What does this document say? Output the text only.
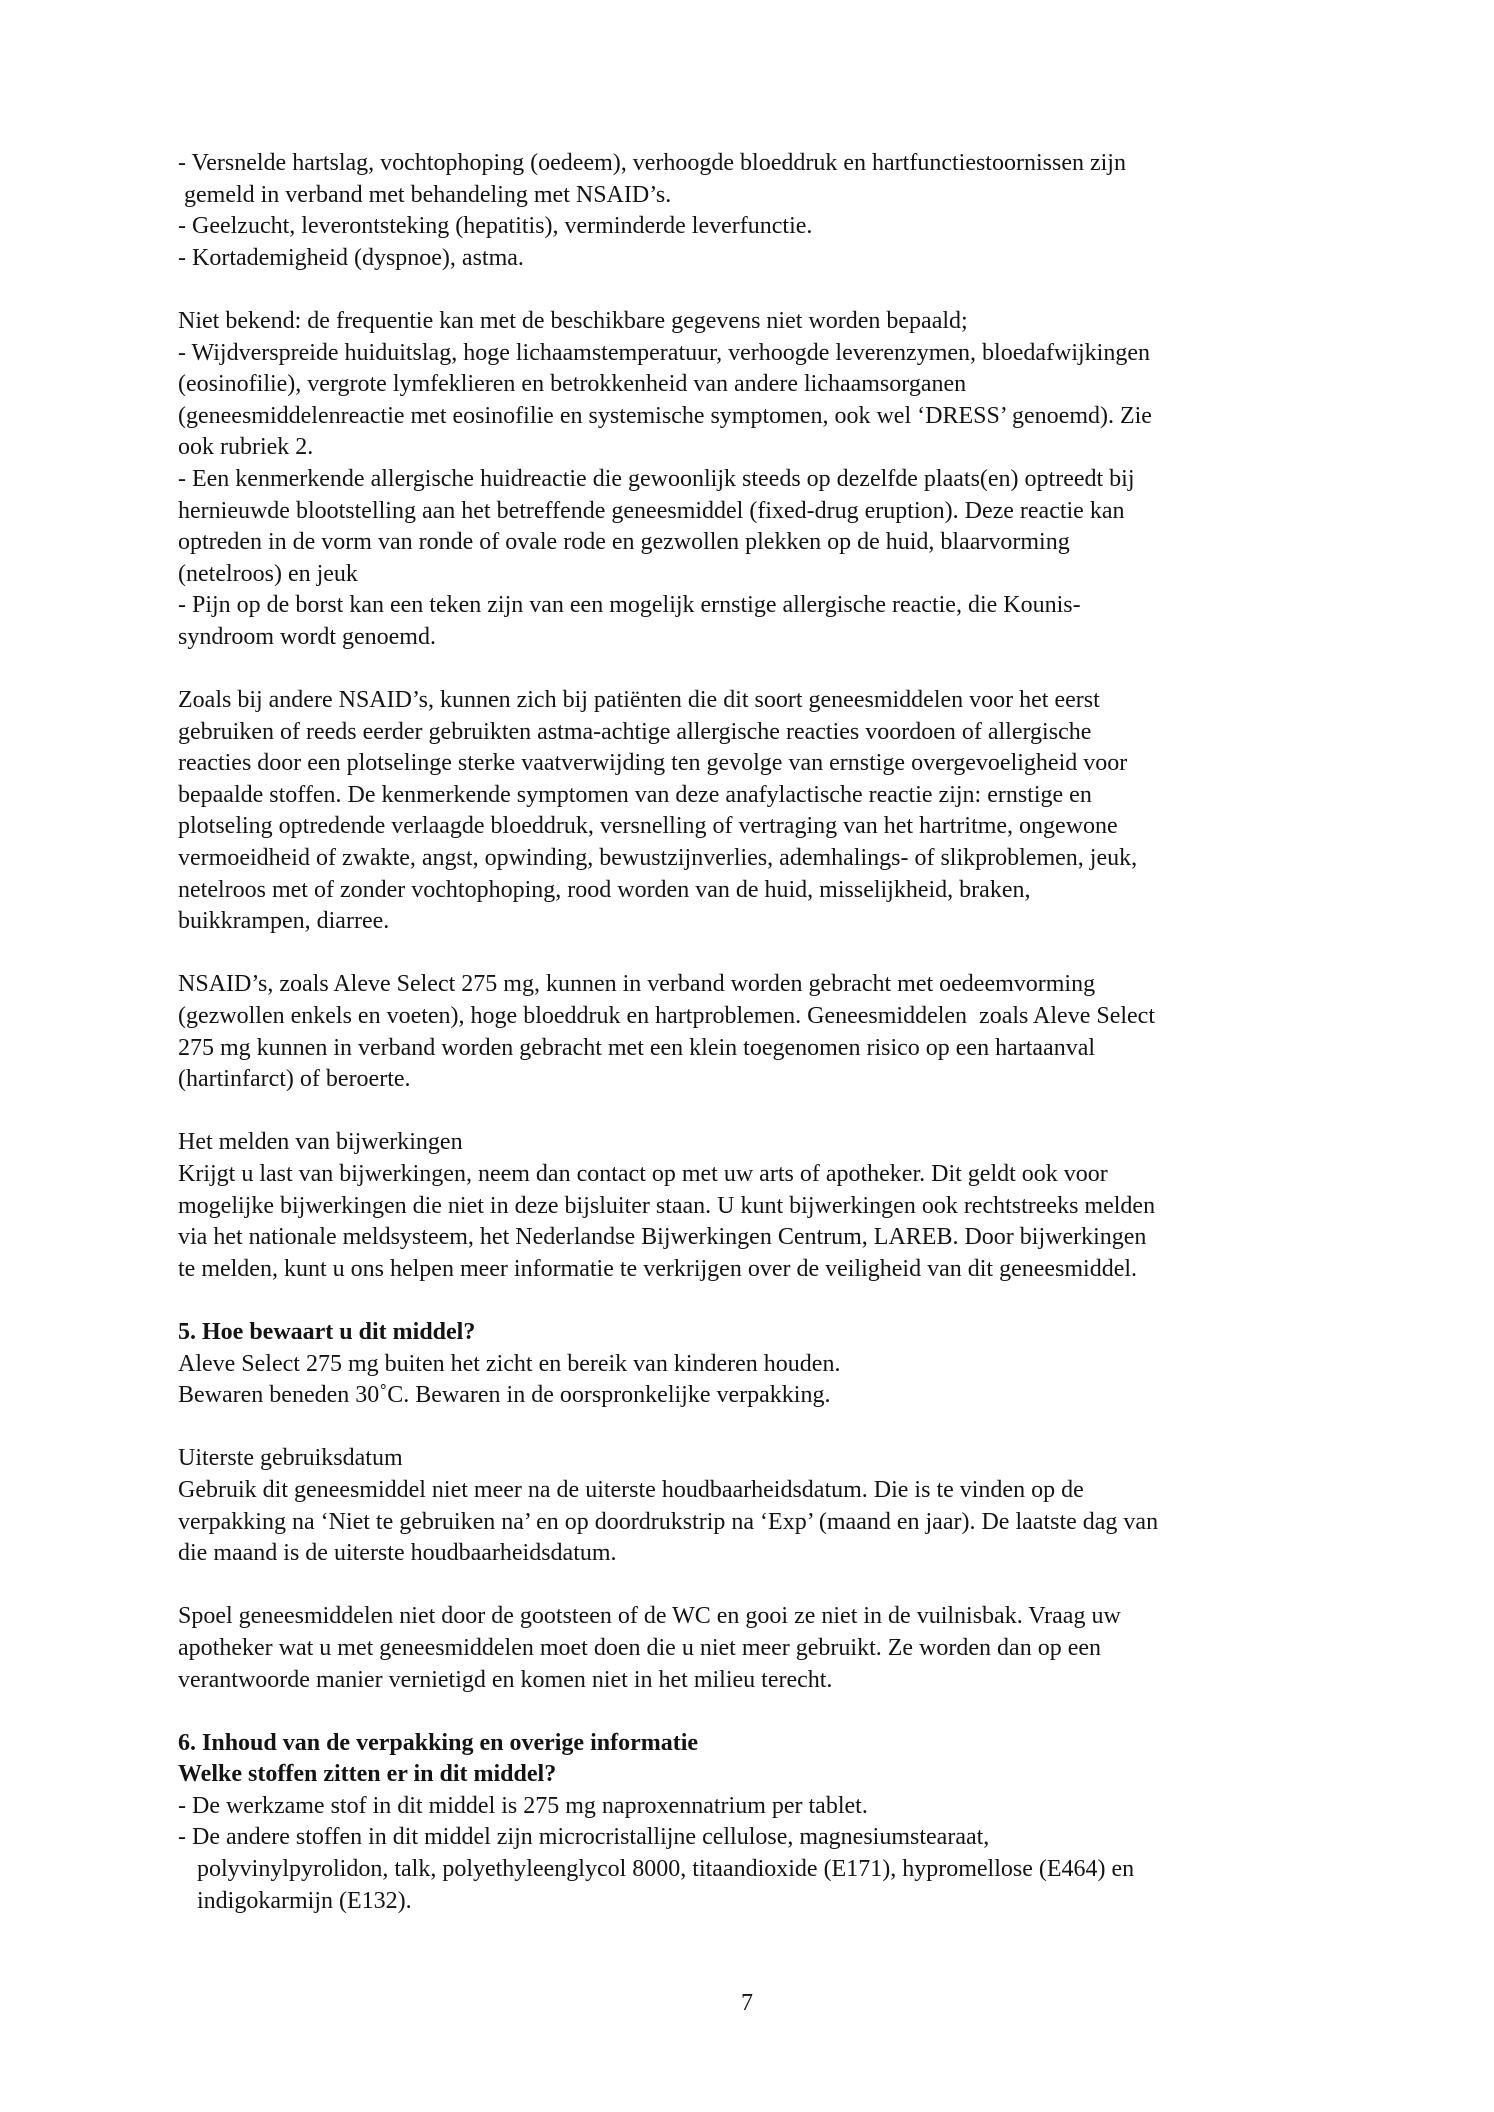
- Versnelde hartslag, vochtophoping (oedeem), verhoogde bloeddruk en hartfunctiestoornissen zijn
gemeld in verband met behandeling met NSAID’s.
- Geelzucht, leverontsteking (hepatitis), verminderde leverfunctie.
- Kortademigheid (dyspnoe), astma.

Niet bekend: de frequentie kan met de beschikbare gegevens niet worden bepaald;
- Wijdverspreide huiduitslag, hoge lichaamstemperatuur, verhoogde leverenzymen, bloedafwijkingen
(eosinofilie), vergrote lymfeklieren en betrokkenheid van andere lichaamsorganen
(geneesmiddelenreactie met eosinofilie en systemische symptomen, ook wel ‘DRESS’ genoemd). Zie
ook rubriek 2.
- Een kenmerkende allergische huidreactie die gewoonlijk steeds op dezelfde plaats(en) optreedt bij
hernieuwde blootstelling aan het betreffende geneesmiddel (fixed-drug eruption). Deze reactie kan
optreden in de vorm van ronde of ovale rode en gezwollen plekken op de huid, blaarvorming
(netelroos) en jeuk
- Pijn op de borst kan een teken zijn van een mogelijk ernstige allergische reactie, die Kounis-
syndroom wordt genoemd.

Zoals bij andere NSAID’s, kunnen zich bij patiënten die dit soort geneesmiddelen voor het eerst
gebruiken of reeds eerder gebruikten astma-achtige allergische reacties voordoen of allergische
reacties door een plotselinge sterke vaatverwijding ten gevolge van ernstige overgevoeligheid voor
bepaalde stoffen. De kenmerkende symptomen van deze anafylactische reactie zijn: ernstige en
plotseling optredende verlaagde bloeddruk, versnelling of vertraging van het hartritme, ongewone
vermoeidheid of zwakte, angst, opwinding, bewustzijnverlies, ademhalings- of slikproblemen, jeuk,
netelroos met of zonder vochtophoping, rood worden van de huid, misselijkheid, braken,
buikkrampen, diarree.

NSAID’s, zoals Aleve Select 275 mg, kunnen in verband worden gebracht met oedeemvorming
(gezwollen enkels en voeten), hoge bloeddruk en hartproblemen. Geneesmiddelen  zoals Aleve Select
275 mg kunnen in verband worden gebracht met een klein toegenomen risico op een hartaanval
(hartinfarct) of beroerte.

Het melden van bijwerkingen
Krijgt u last van bijwerkingen, neem dan contact op met uw arts of apotheker. Dit geldt ook voor
mogelijke bijwerkingen die niet in deze bijsluiter staan. U kunt bijwerkingen ook rechtstreeks melden
via het nationale meldsysteem, het Nederlandse Bijwerkingen Centrum, LAREB. Door bijwerkingen
te melden, kunt u ons helpen meer informatie te verkrijgen over de veiligheid van dit geneesmiddel.

5. Hoe bewaart u dit middel?
Aleve Select 275 mg buiten het zicht en bereik van kinderen houden.
Bewaren beneden 30˚C. Bewaren in de oorspronkelijke verpakking.

Uiterste gebruiksdatum
Gebruik dit geneesmiddel niet meer na de uiterste houdbaarheidsdatum. Die is te vinden op de
verpakking na ‘Niet te gebruiken na’ en op doordrukstrip na ‘Exp’ (maand en jaar). De laatste dag van
die maand is de uiterste houdbaarheidsdatum.

Spoel geneesmiddelen niet door de gootsteen of de WC en gooi ze niet in de vuilnisbak. Vraag uw
apotheker wat u met geneesmiddelen moet doen die u niet meer gebruikt. Ze worden dan op een
verantwoorde manier vernietigd en komen niet in het milieu terecht.

6. Inhoud van de verpakking en overige informatie
Welke stoffen zitten er in dit middel?
- De werkzame stof in dit middel is 275 mg naproxennatrium per tablet.
- De andere stoffen in dit middel zijn microcristallijne cellulose, magnesiumstearaat,
polyvinylpyrolidon, talk, polyethyleenglycol 8000, titaandioxide (E171), hypromellose (E464) en
indigokarmijn (E132).
7
